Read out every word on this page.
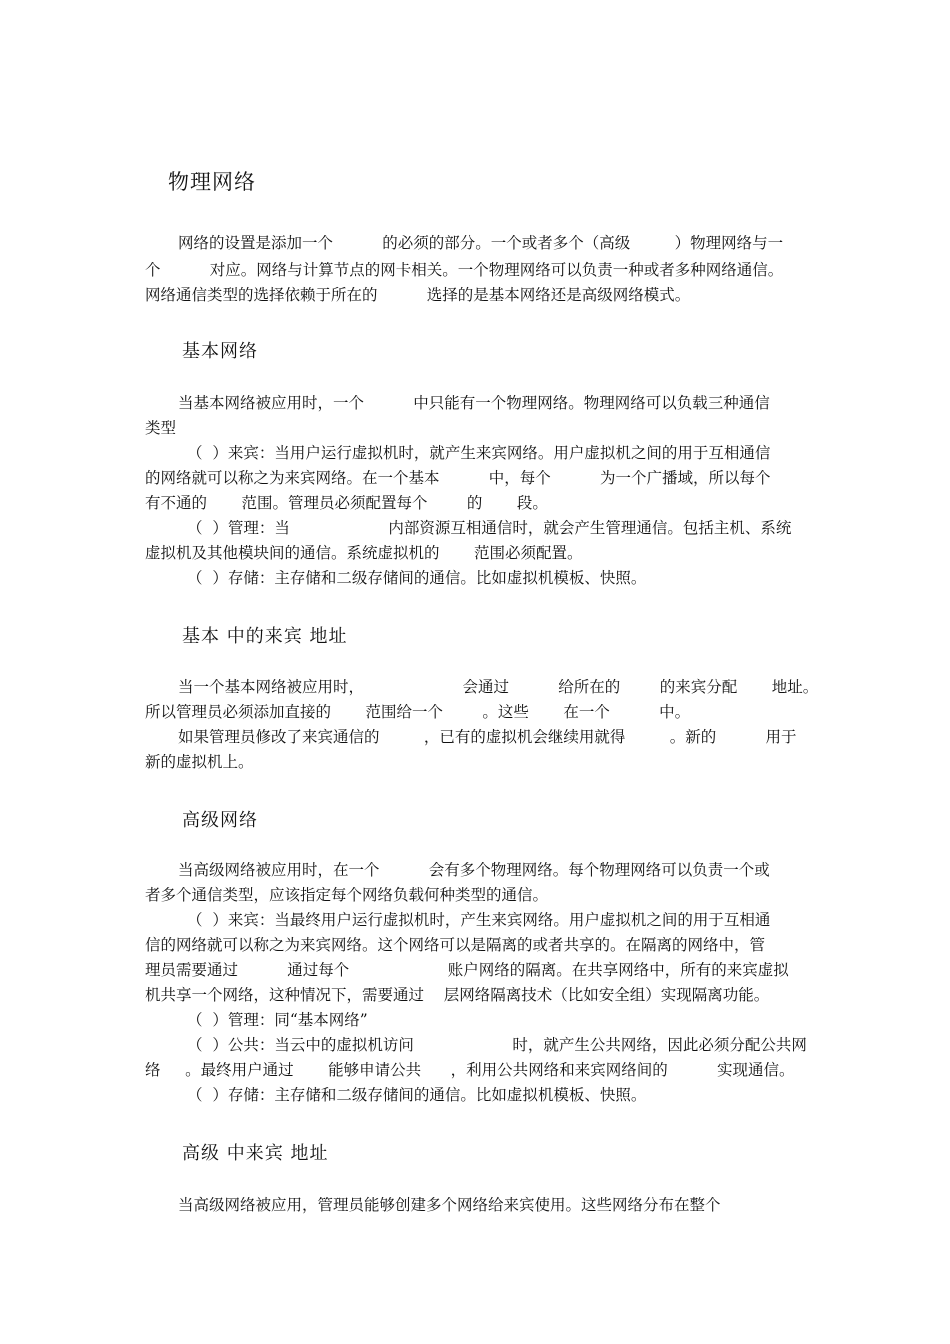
物理网络
网络的设置是添加一个          的必须的部分。一个或者多个（高级         ）物理网络与一
个          对应。网络与计算节点的网卡相关。一个物理网络可以负责一种或者多种网络通信。
网络通信类型的选择依赖于所在的          选择的是基本网络还是高级网络模式。
基本网络
当基本网络被应用时，一个          中只能有一个物理网络。物理网络可以负载三种通信
类型
（  ）来宾：当用户运行虚拟机时，就产生来宾网络。用户虚拟机之间的用于互相通信
的网络就可以称之为来宾网络。在一个基本          中，每个          为一个广播域，所以每个
有不通的       范围。管理员必须配置每个        的       段。
（  ）管理：当                    内部资源互相通信时，就会产生管理通信。包括主机、系统
虚拟机及其他模块间的通信。系统虚拟机的       范围必须配置。
（  ）存储：主存储和二级存储间的通信。比如虚拟机模板、快照。
基本 中的来宾 地址
当一个基本网络被应用时，                    会通过          给所在的        的来宾分配       地址。
所以管理员必须添加直接的       范围给一个        。这些       在一个          中。
如果管理员修改了来宾通信的         ，已有的虚拟机会继续用就得         。新的          用于
新的虚拟机上。
高级网络
当高级网络被应用时，在一个          会有多个物理网络。每个物理网络可以负责一个或
者多个通信类型，应该指定每个网络负载何种类型的通信。
（  ）来宾：当最终用户运行虚拟机时，产生来宾网络。用户虚拟机之间的用于互相通
信的网络就可以称之为来宾网络。这个网络可以是隔离的或者共享的。在隔离的网络中，管
理员需要通过          通过每个                    账户网络的隔离。在共享网络中，所有的来宾虚拟
机共享一个网络，这种情况下，需要通过    层网络隔离技术（比如安全组）实现隔离功能。
（  ）管理：同“基本网络”
（  ）公共：当云中的虚拟机访问                    时，就产生公共网络，因此必须分配公共网
络     。最终用户通过       能够申请公共      ，利用公共网络和来宾网络间的          实现通信。
（  ）存储：主存储和二级存储间的通信。比如虚拟机模板、快照。
高级 中来宾 地址
当高级网络被应用，管理员能够创建多个网络给来宾使用。这些网络分布在整个
